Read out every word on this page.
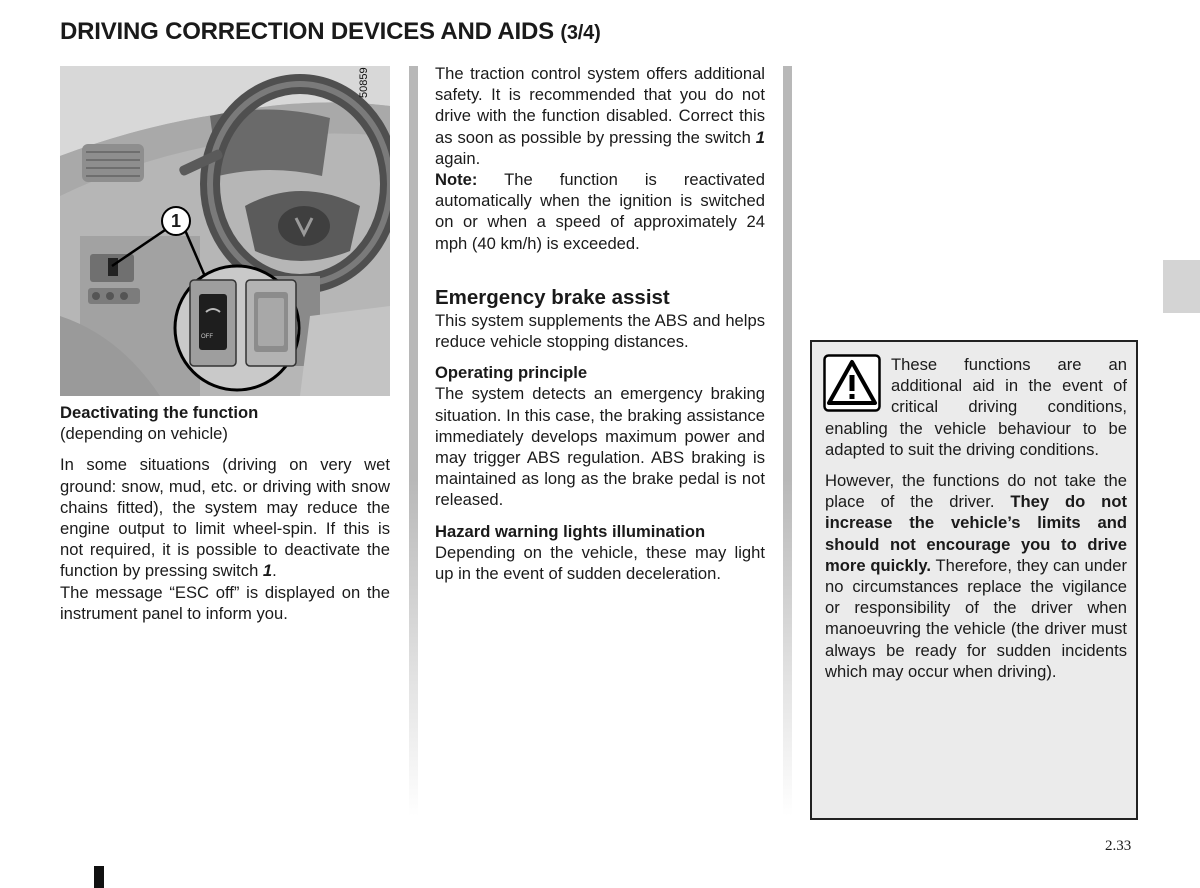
DRIVING CORRECTION DEVICES AND AIDS (3/4)
50859
1
OFF

Deactivating the function

(depending on vehicle)

In some situations (driving on very wet ground: snow, mud, etc. or driving with snow chains fitted), the system may reduce the engine output to limit wheel-spin. If this is not required, it is possible to deactivate the function by pressing switch 1.

The message “ESC off” is displayed on the instrument panel to inform you.

The traction control system offers additional safety. It is recommended that you do not drive with the function disabled. Correct this as soon as possible by pressing the switch 1 again.

Note: The function is reactivated automatically when the ignition is switched on or when a speed of approximately 24 mph (40 km/h) is exceeded.

Emergency brake assist

This system supplements the ABS and helps reduce vehicle stopping distances.

Operating principle

The system detects an emergency braking situation. In this case, the braking assistance immediately develops maximum power and may trigger ABS regulation. ABS braking is maintained as long as the brake pedal is not released.

Hazard warning lights illumination

Depending on the vehicle, these may light up in the event of sudden deceleration.

These functions are an additional aid in the event of critical driving conditions, enabling the vehicle behaviour to be adapted to suit the driving conditions.

However, the functions do not take the place of the driver. They do not increase the vehicle’s limits and should not encourage you to drive more quickly. Therefore, they can under no circumstances replace the vigilance or responsibility of the driver when manoeuvring the vehicle (the driver must always be ready for sudden incidents which may occur when driving).

2.33
